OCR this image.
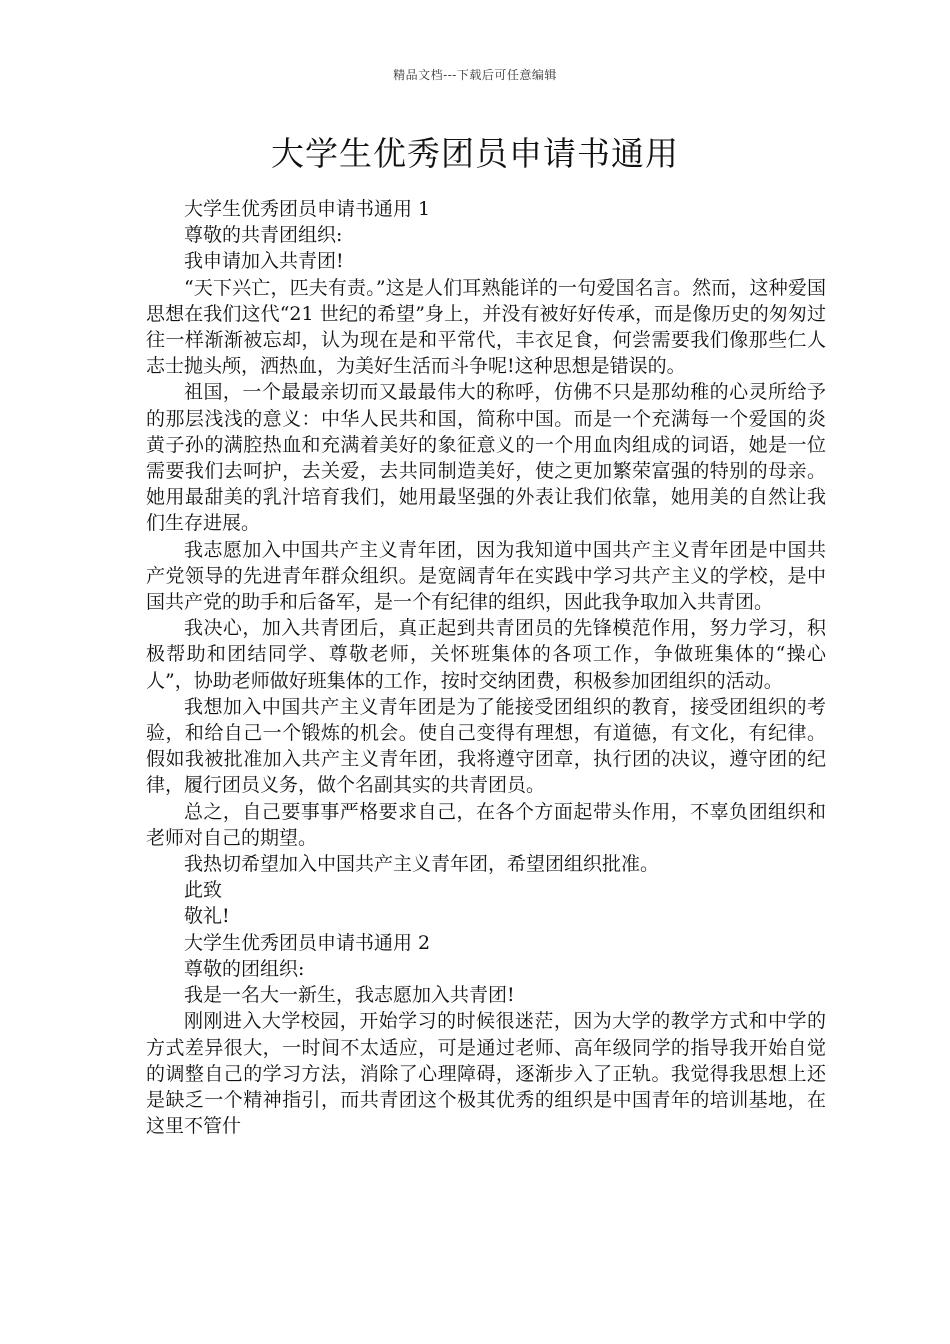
精品文档---下载后可任意编辑
大学生优秀团员申请书通用

大学生优秀团员申请书通用 1

尊敬的共青团组织:

我申请加入共青团!

“天下兴亡，匹夫有责。”这是人们耳熟能详的一句爱国名言。然而，这种爱国思想在我们这代“21 世纪的希望”身上，并没有被好好传承，而是像历史的匆匆过往一样渐渐被忘却，认为现在是和平常代，丰衣足食，何尝需要我们像那些仁人志士抛头颅，洒热血，为美好生活而斗争呢!这种思想是错误的。

祖国，一个最最亲切而又最最伟大的称呼，仿佛不只是那幼稚的心灵所给予的那层浅浅的意义：中华人民共和国，简称中国。而是一个充满每一个爱国的炎黄子孙的满腔热血和充满着美好的象征意义的一个用血肉组成的词语，她是一位需要我们去呵护，去关爱，去共同制造美好，使之更加繁荣富强的特别的母亲。她用最甜美的乳汁培育我们，她用最坚强的外表让我们依靠，她用美的自然让我们生存进展。

我志愿加入中国共产主义青年团，因为我知道中国共产主义青年团是中国共产党领导的先进青年群众组织。是宽阔青年在实践中学习共产主义的学校，是中国共产党的助手和后备军，是一个有纪律的组织，因此我争取加入共青团。

我决心，加入共青团后，真正起到共青团员的先锋模范作用，努力学习，积极帮助和团结同学、尊敬老师，关怀班集体的各项工作，争做班集体的“操心人”，协助老师做好班集体的工作，按时交纳团费，积极参加团组织的活动。

我想加入中国共产主义青年团是为了能接受团组织的教育，接受团组织的考验，和给自己一个锻炼的机会。使自己变得有理想，有道德，有文化，有纪律。假如我被批准加入共产主义青年团，我将遵守团章，执行团的决议，遵守团的纪律，履行团员义务，做个名副其实的共青团员。

总之，自己要事事严格要求自己，在各个方面起带头作用，不辜负团组织和老师对自己的期望。

我热切希望加入中国共产主义青年团，希望团组织批准。

此致

敬礼!

大学生优秀团员申请书通用 2

尊敬的团组织:

我是一名大一新生，我志愿加入共青团!

刚刚进入大学校园，开始学习的时候很迷茫，因为大学的教学方式和中学的方式差异很大，一时间不太适应，可是通过老师、高年级同学的指导我开始自觉的调整自己的学习方法，消除了心理障碍，逐渐步入了正轨。我觉得我思想上还是缺乏一个精神指引，而共青团这个极其优秀的组织是中国青年的培训基地，在这里不管什
